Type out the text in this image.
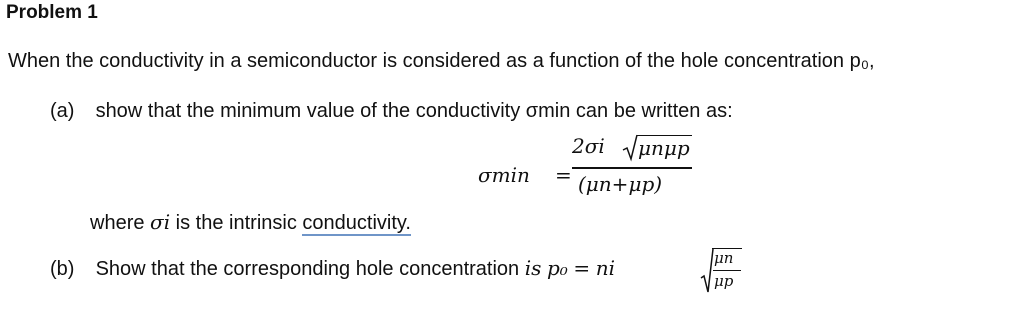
Problem 1
When the conductivity in a semiconductor is considered as a function of the hole concentration p₀,
(a) show that the minimum value of the conductivity σmin can be written as:
σmin =
2σi μnμp
(μn+μp)
where σi is the intrinsic conductivity.
(b) Show that the corresponding hole concentration is p₀ = ni	μn
μp
